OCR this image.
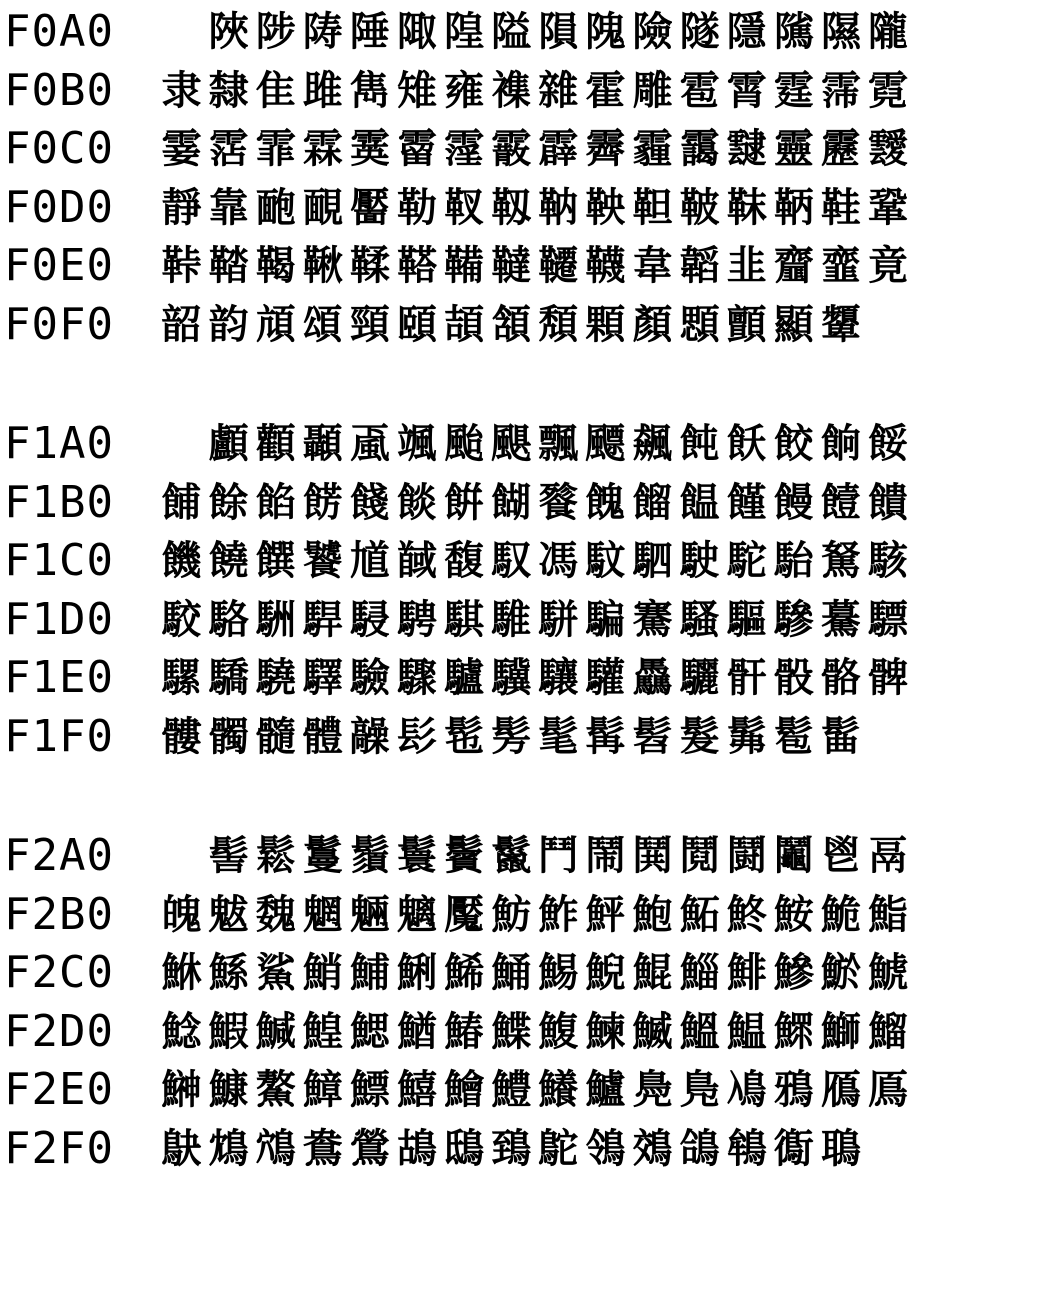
F0A0 陜 陟 陦 陲 陬 隍 隘 隕 隗 險 隧 隱 隲 隰 隴
F0B0 隶 隸 隹 雎 雋 雉 雍 襍 雜 霍 雕 雹 霄 霆 霈 霓
F0C0 霎 霑 霏 霖 霙 霤 霪 霰 霹 霽 霾 靄 靆 靈 靂 靉
F0D0 靜 靠 靤 靦 靨 勒 靫 靱 靹 鞅 靼 鞁 靺 鞆 鞋 鞏
F0E0 鞐 鞜 鞨 鞦 鞣 鞳 鞴 韃 韆 韈 韋 韜 韭 齏 韲 竟
F0F0 韶 韵 頏 頌 頸 頤 頡 頷 頽 顆 顏 顋 顫 顯 顰
F1A0 顱 顴 顳 颪 颯 颱 颶 飄 飃 飆 飩 飫 餃 餉 餒
F1B0 餔 餘 餡 餝 餞 餤 餠 餬 餮 餽 餾 饂 饉 饅 饐 饋
F1C0 饑 饒 饌 饕 馗 馘 馥 馭 馮 馼 駟 駛 駝 駘 駑 駭
F1D0 駮 駱 駲 駻 駸 騁 騏 騅 駢 騙 騫 騷 驅 驂 驀 驃
F1E0 騾 驕 驍 驛 驗 驟 驢 驥 驤 驩 驫 驪 骭 骰 骼 髀
F1F0 髏 髑 髓 體 髞 髟 髢 髣 髦 髯 髫 髮 髴 髱 髷
F2A0 髻 鬆 鬘 鬚 鬟 鬢 鬣 鬥 鬧 鬨 鬩 鬪 鬮 鬯 鬲
F2B0 魄 魃 魏 魍 魎 魑 魘 魴 鮓 鮃 鮑 鮖 鮗 鮟 鮠 鮨
F2C0 鮴 鯀 鯊 鮹 鯆 鯏 鯑 鯒 鯣 鯢 鯤 鯔 鯡 鰺 鯲 鯱
F2D0 鯰 鰕 鰔 鰉 鰓 鰌 鰆 鰈 鰒 鰊 鰄 鰮 鰛 鰥 鰤 鰡
F2E0 鰰 鱇 鰲 鱆 鰾 鱚 鱠 鱧 鱶 鱸 鳧 鳬 鳰 鴉 鴈 鳫
F2F0 鴃 鴆 鴪 鴦 鶯 鴣 鴟 鵄 鴕 鴒 鵁 鴿 鴾 鵆 鵈
